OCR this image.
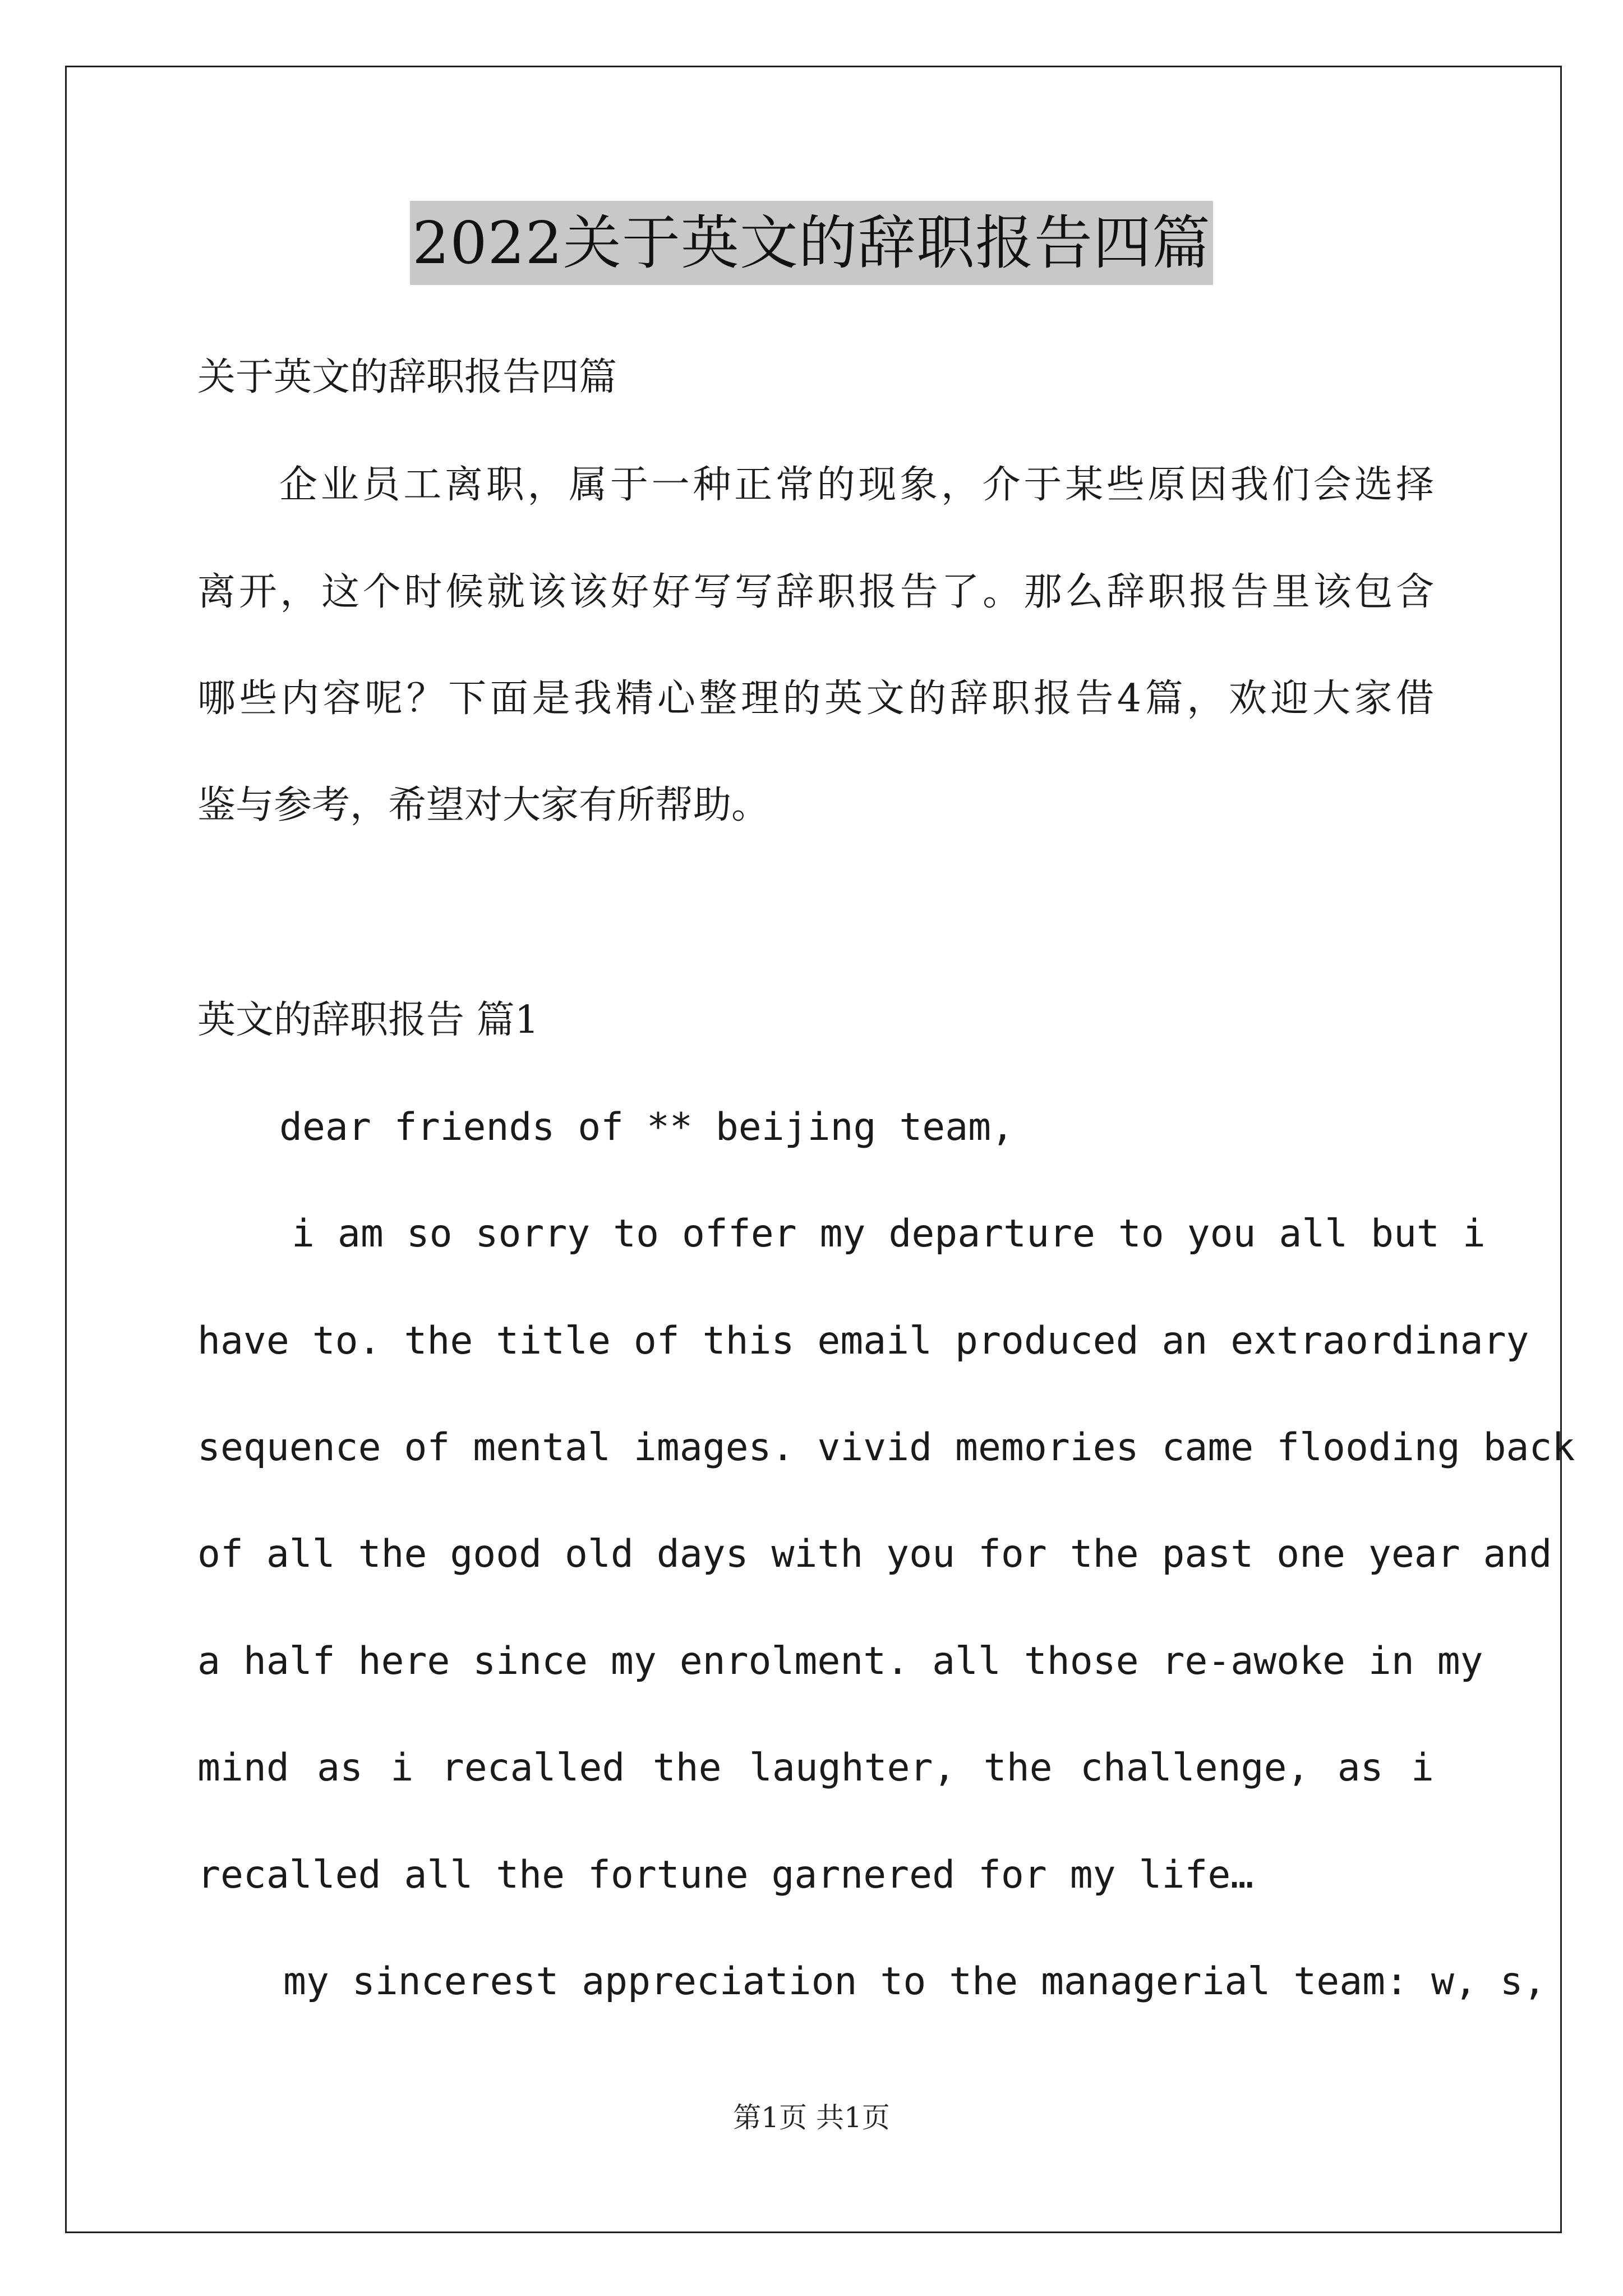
2022关于英文的辞职报告四篇
关于英文的辞职报告四篇
企业员工离职，属于一种正常的现象，介于某些原因我们会选择
离开，这个时候就该该好好写写辞职报告了。那么辞职报告里该包含
哪些内容呢？下面是我精心整理的英文的辞职报告4篇，欢迎大家借
鉴与参考，希望对大家有所帮助。
英文的辞职报告 篇1
dear friends of ** beijing team,
i am so sorry to offer my departure to you all but i
have to. the title of this email produced an extraordinary
sequence of mental images. vivid memories came flooding back
of all the good old days with you for the past one year and
a half here since my enrolment. all those re-awoke in my
mind as i recalled the laughter, the challenge, as i
recalled all the fortune garnered for my life…
my sincerest appreciation to the managerial team: w, s,
第1页 共1页
